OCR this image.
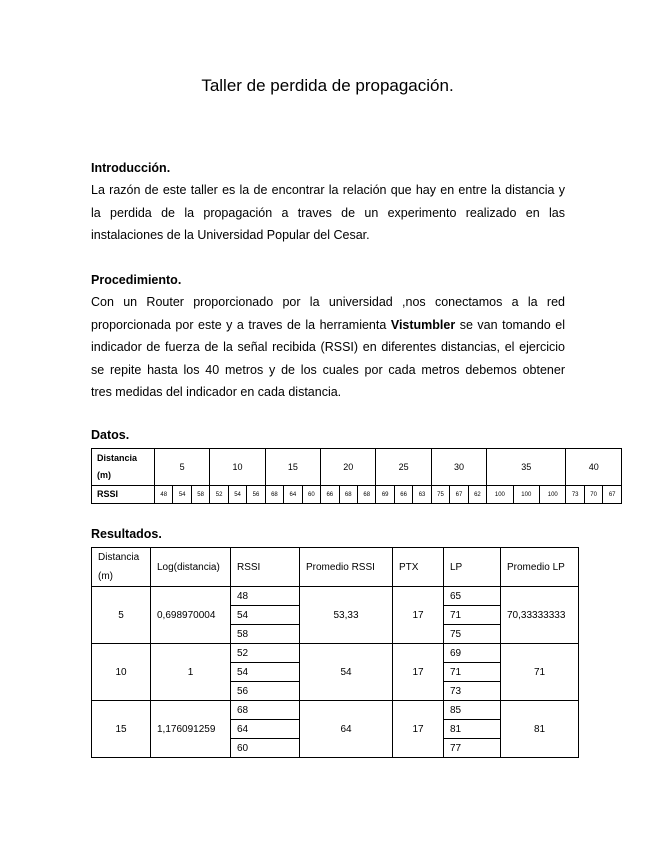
Taller de perdida de propagación.
Introducción.
La razón de este taller es la de encontrar la relación que hay en entre la distancia y
la perdida de la propagación a traves de un experimento realizado en las
instalaciones de la Universidad Popular del Cesar.
Procedimiento.
Con un Router proporcionado por la universidad ,nos conectamos a la red
proporcionada por este y a traves de la herramienta Vistumbler se van tomando el
indicador de fuerza de la señal recibida (RSSI) en diferentes distancias, el ejercicio
se repite hasta los 40 metros y de los cuales por cada metros debemos obtener
tres medidas del indicador en cada distancia.
Datos.
Distancia
(m)	5			10			15			20			25			30			35			40		
RSSI	48	54	58	52	54	56	68	64	60	66	68	68	69	66	63	75	67	62	100	100	100	73	70	67
Resultados.
Distancia
(m)	Log(distancia)	RSSI	Promedio RSSI	PTX	LP	Promedio LP
5	0,698970004	48	53,33	17	65	70,33333333
		54			71	
		58			75	
10	1	52	54	17	69	71
		54			71	
		56			73	
15	1,176091259	68	64	17	85	81
		64			81	
		60			77	
